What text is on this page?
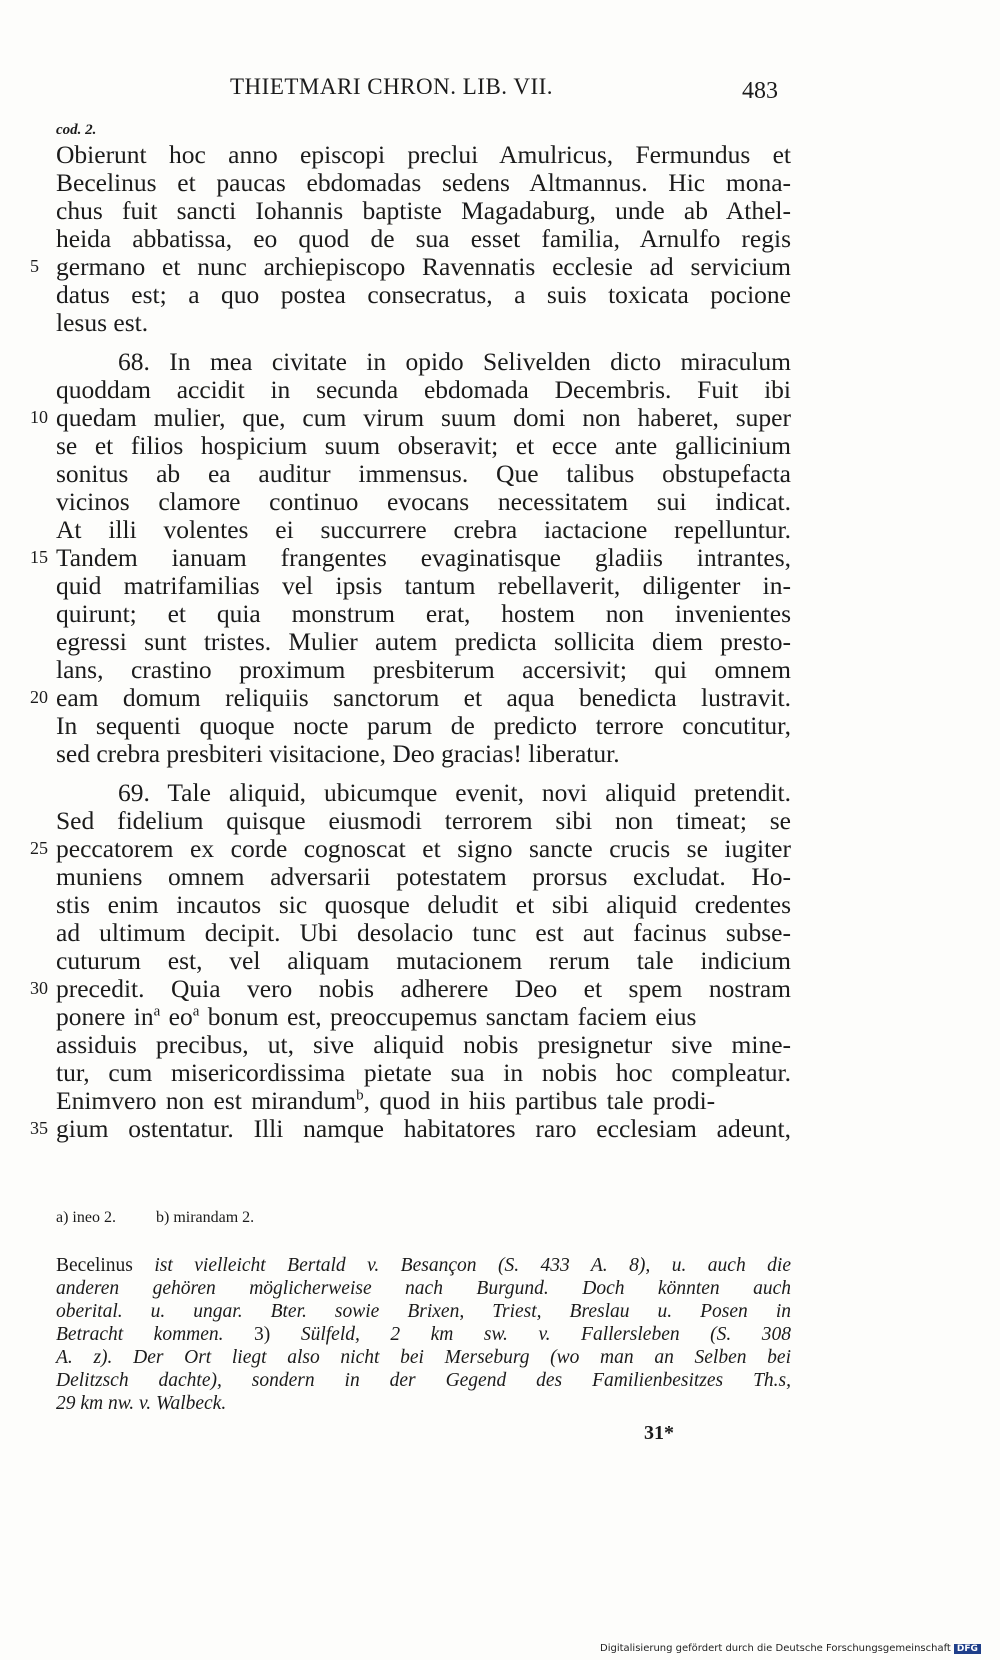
THIETMARI CHRON. LIB. VII.	483
cod. 2.
Obierunt hoc anno episcopi preclui Amulricus, Fermundus et
Becelinus et paucas ebdomadas sedens Altmannus. Hic mona-
chus fuit sancti Iohannis baptiste Magadaburg, unde ab Athel-
heida abbatissa, eo quod de sua esset familia, Arnulfo regis
germano et nunc archiepiscopo Ravennatis ecclesie ad servicium
datus est; a quo postea consecratus, a suis toxicata pocione
lesus est.
68. In mea civitate in opido Selivelden dicto miraculum
quoddam accidit in secunda ebdomada Decembris. Fuit ibi
quedam mulier, que, cum virum suum domi non haberet, super
se et filios hospicium suum obseravit; et ecce ante gallicinium
sonitus ab ea auditur immensus. Que talibus obstupefacta
vicinos clamore continuo evocans necessitatem sui indicat.
At illi volentes ei succurrere crebra iactacione repelluntur.
Tandem ianuam frangentes evaginatisque gladiis intrantes,
quid matrifamilias vel ipsis tantum rebellaverit, diligenter in-
quirunt; et quia monstrum erat, hostem non invenientes
egressi sunt tristes. Mulier autem predicta sollicita diem presto-
lans, crastino proximum presbiterum accersivit; qui omnem
eam domum reliquiis sanctorum et aqua benedicta lustravit.
In sequenti quoque nocte parum de predicto terrore concutitur,
sed crebra presbiteri visitacione, Deo gracias! liberatur.
69. Tale aliquid, ubicumque evenit, novi aliquid pretendit.
Sed fidelium quisque eiusmodi terrorem sibi non timeat; se
peccatorem ex corde cognoscat et signo sancte crucis se iugiter
muniens omnem adversarii potestatem prorsus excludat. Ho-
stis enim incautos sic quosque deludit et sibi aliquid credentes
ad ultimum decipit. Ubi desolacio tunc est aut facinus subse-
cuturum est, vel aliquam mutacionem rerum tale indicium
precedit. Quia vero nobis adherere Deo et spem nostram
ponere $in^a$ $eo^a$ bonum est, preoccupemus sanctam faciem eius
assiduis precibus, ut, sive aliquid nobis presignetur sive mine-
tur, cum misericordissima pietate sua in nobis hoc compleatur.
Enimvero non est mirandum$^b$, quod in hiis partibus tale prodi-
gium ostentatur. Illi namque habitatores raro ecclesiam adeunt,
5
10
15
20
25
30
35
a) ineo 2.	b) mirandam 2.
Becelinus ist vielleicht Bertald v. Besançon (S. 433 A. 8), u. auch die
anderen gehören möglicherweise nach Burgund. Doch könnten auch
oberital. u. ungar. Bter. sowie Brixen, Triest, Breslau u. Posen in
Betracht kommen. 3) Sülfeld, 2 km sw. v. Fallersleben (S. 308
A. z). Der Ort liegt also nicht bei Merseburg (wo man an Selben bei
Delitzsch dachte), sondern in der Gegend des Familienbesitzes Th.s,
29 km nw. v. Walbeck.
31*
Digitalisierung gefördert durch die Deutsche Forschungsgemeinschaft DFG
